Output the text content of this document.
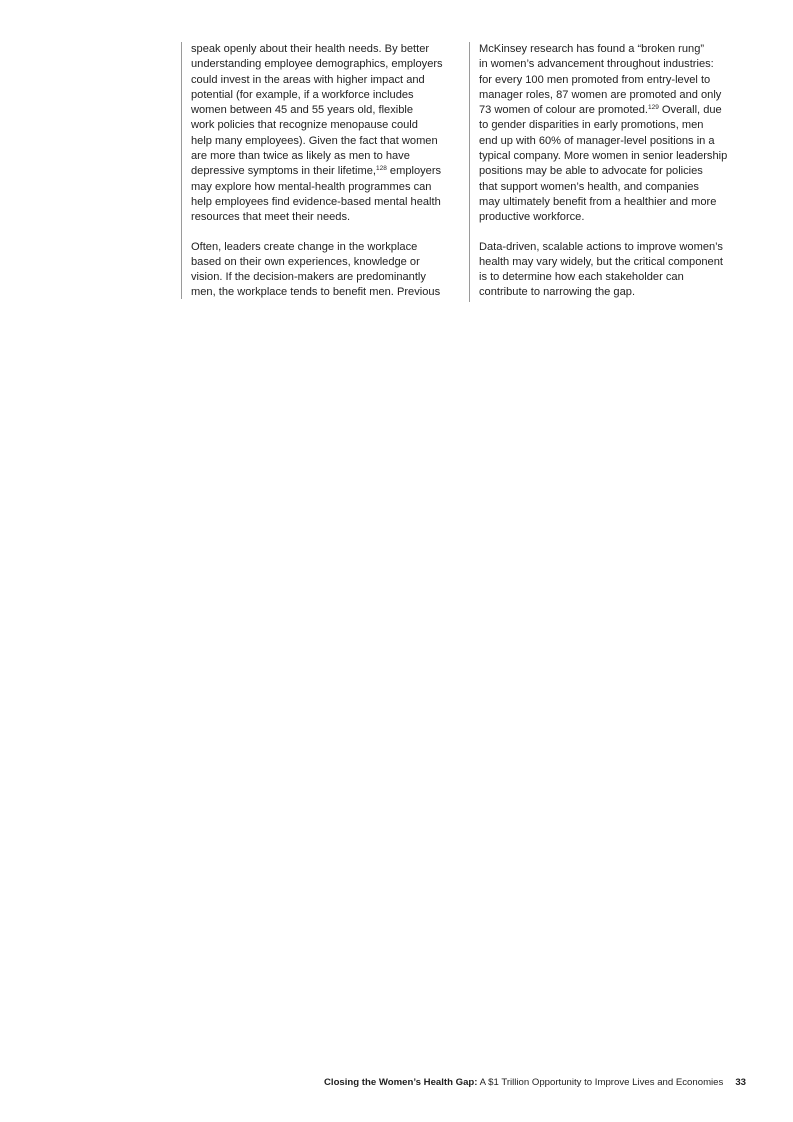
speak openly about their health needs. By better
understanding employee demographics, employers
could invest in the areas with higher impact and
potential (for example, if a workforce includes
women between 45 and 55 years old, flexible
work policies that recognize menopause could
help many employees). Given the fact that women
are more than twice as likely as men to have
depressive symptoms in their lifetime,$^{128}$ employers
may explore how mental-health programmes can
help employees find evidence-based mental health
resources that meet their needs.

Often, leaders create change in the workplace
based on their own experiences, knowledge or
vision. If the decision-makers are predominantly
men, the workplace tends to benefit men. Previous

McKinsey research has found a “broken rung”
in women’s advancement throughout industries:
for every 100 men promoted from entry-level to
manager roles, 87 women are promoted and only
73 women of colour are promoted.$^{129}$ Overall, due
to gender disparities in early promotions, men
end up with 60% of manager-level positions in a
typical company. More women in senior leadership
positions may be able to advocate for policies
that support women’s health, and companies
may ultimately benefit from a healthier and more
productive workforce.

Data-driven, scalable actions to improve women’s
health may vary widely, but the critical component
is to determine how each stakeholder can
contribute to narrowing the gap.

Closing the Women’s Health Gap: A $1 Trillion Opportunity to Improve Lives and Economies 33
